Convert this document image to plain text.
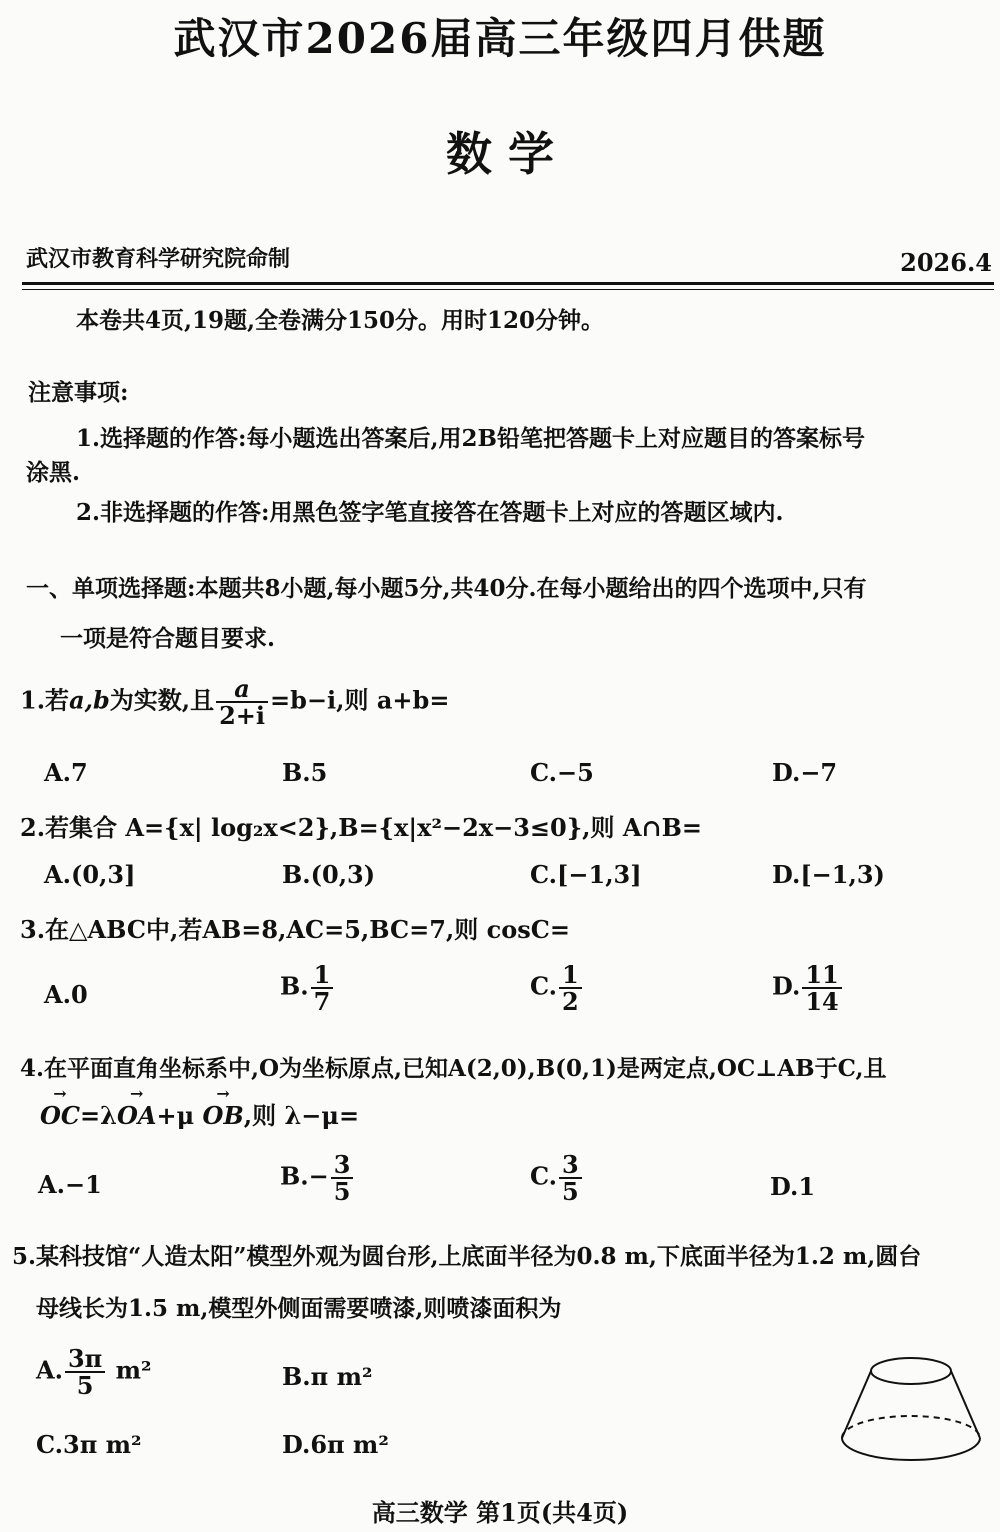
武汉市2026届高三年级四月供题
数 学
武汉市教育科学研究院命制	2026.4
本卷共4页,19题,全卷满分150分。用时120分钟。
注意事项:
1.选择题的作答:每小题选出答案后,用2B铅笔把答题卡上对应题目的答案标号
涂黑.
2.非选择题的作答:用黑色签字笔直接答在答题卡上对应的答题区域内.
一、单项选择题:本题共8小题,每小题5分,共40分.在每小题给出的四个选项中,只有
一项是符合题目要求.
1.若a,b为实数,且 $\frac{a}{2+i} =b-i$,则 a+b=
A.7	B.5	C.−5	D.−7
2.若集合 A={x| log₂x<2},B={x|x²−2x−3≤0},则 A∩B=
A.(0,3]	B.(0,3)	C.[−1,3]	D.[−1,3)
3.在△ABC中,若AB=8,AC=5,BC=7,则 cosC=
A.0	B. $\frac{1}{7}$	C. $\frac{1}{2}$	D. $\frac{11}{14}$
4.在平面直角坐标系中,O为坐标原点,已知A(2,0),B(0,1)是两定点,OC⊥AB于C,且
→ OC=λ→ OA+μ → OB,则 λ−μ=
A.−1	$B.- \frac{3}{5}$	C. $\frac{3}{5}$	D.1
5.某科技馆“人造太阳”模型外观为圆台形,上底面半径为0.8 m,下底面半径为1.2 m,圆台
母线长为1.5 m,模型外侧面需要喷漆,则喷漆面积为
A. $\frac{3\pi}{5} m^2$	B.π m²
C.3π m²	D.6π m²
高三数学 第1页(共4页)
